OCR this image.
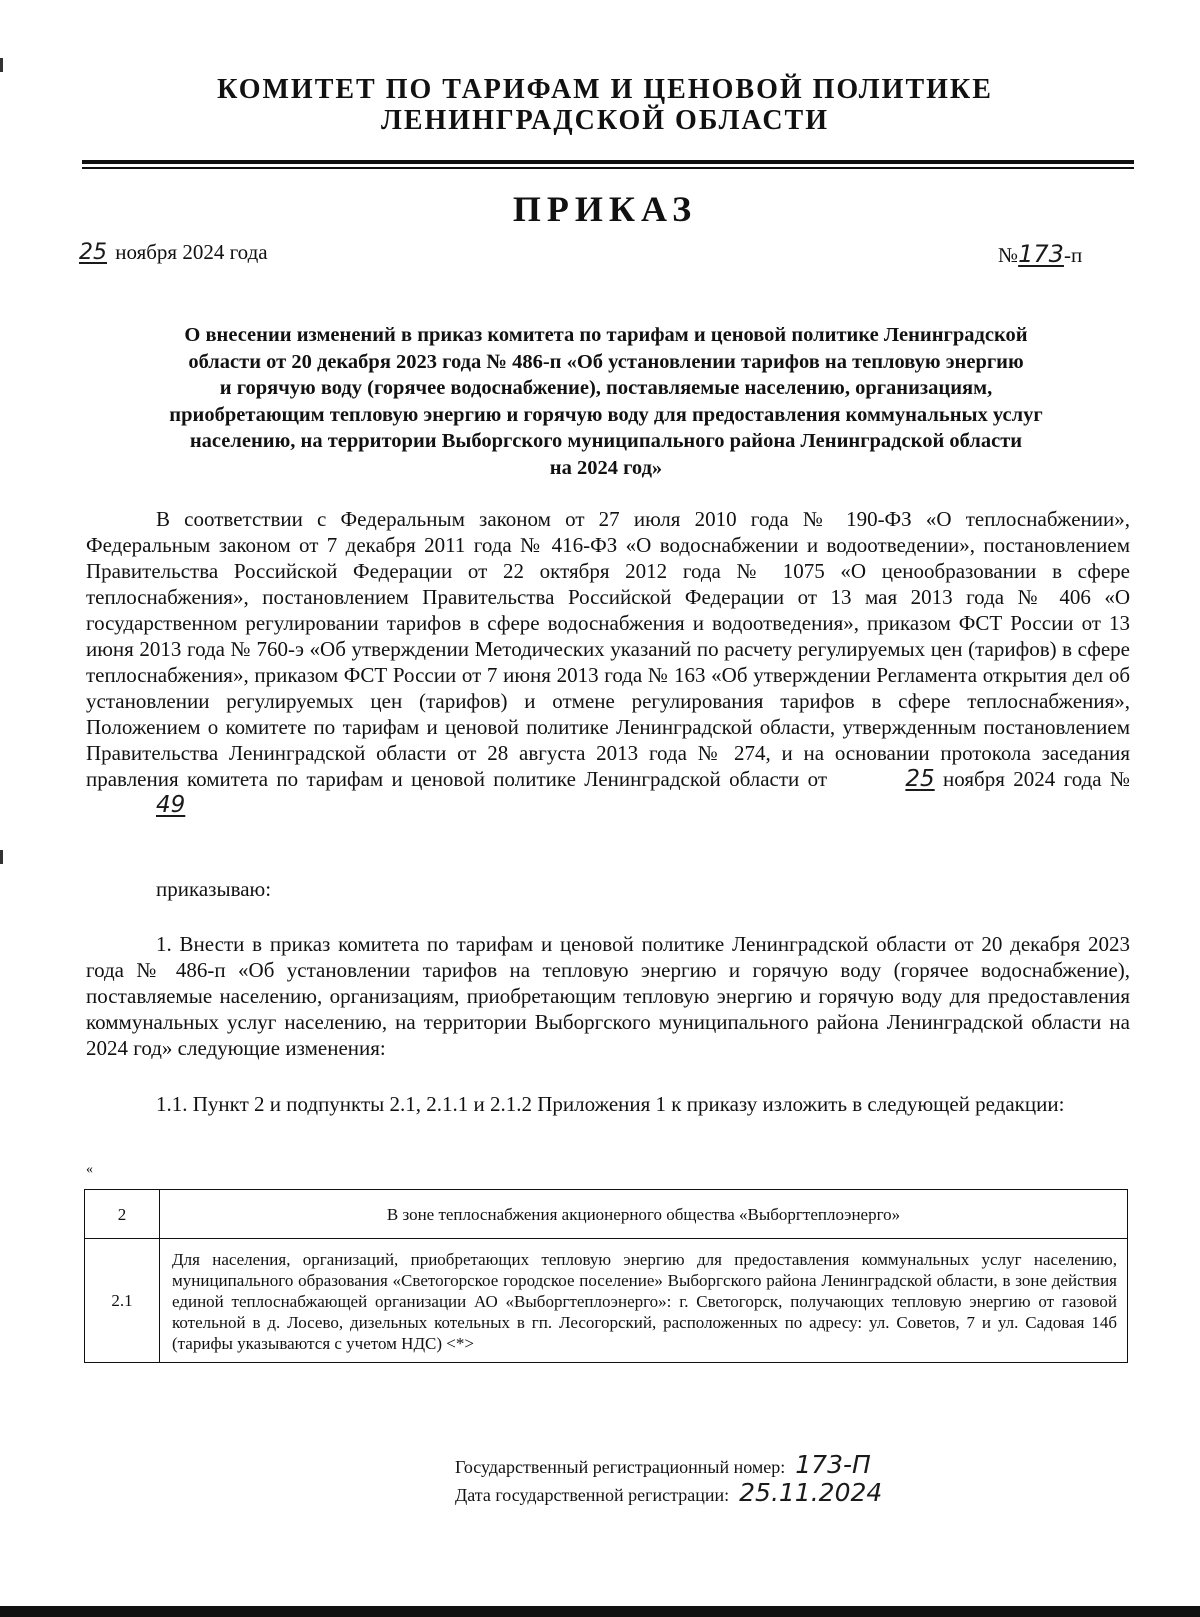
КОМИТЕТ ПО ТАРИФАМ И ЦЕНОВОЙ ПОЛИТИКЕ
ЛЕНИНГРАДСКОЙ ОБЛАСТИ
ПРИКАЗ
25 ноября 2024 года	№173-п
О внесении изменений в приказ комитета по тарифам и ценовой политике Ленинградской
области от 20 декабря 2023 года № 486-п «Об установлении тарифов на тепловую энергию
и горячую воду (горячее водоснабжение), поставляемые населению, организациям,
приобретающим тепловую энергию и горячую воду для предоставления коммунальных услуг
населению, на территории Выборгского муниципального района Ленинградской области
на 2024 год»
В соответствии с Федеральным законом от 27 июля 2010 года № 190-ФЗ «О теплоснабжении», Федеральным законом от 7 декабря 2011 года № 416-ФЗ «О водоснабжении и водоотведении», постановлением Правительства Российской Федерации от 22 октября 2012 года № 1075 «О ценообразовании в сфере теплоснабжения», постановлением Правительства Российской Федерации от 13 мая 2013 года № 406 «О государственном регулировании тарифов в сфере водоснабжения и водоотведения», приказом ФСТ России от 13 июня 2013 года № 760-э «Об утверждении Методических указаний по расчету регулируемых цен (тарифов) в сфере теплоснабжения», приказом ФСТ России от 7 июня 2013 года № 163 «Об утверждении Регламента открытия дел об установлении регулируемых цен (тарифов) и отмене регулирования тарифов в сфере теплоснабжения», Положением о комитете по тарифам и ценовой политике Ленинградской области, утвержденным постановлением Правительства Ленинградской области от 28 августа 2013 года № 274, и на основании протокола заседания правления комитета по тарифам и ценовой политике Ленинградской области от	25 ноября 2024 года № 49
приказываю:
1. Внести в приказ комитета по тарифам и ценовой политике Ленинградской области от 20 декабря 2023 года № 486-п «Об установлении тарифов на тепловую энергию и горячую воду (горячее водоснабжение), поставляемые населению, организациям, приобретающим тепловую энергию и горячую воду для предоставления коммунальных услуг населению, на территории Выборгского муниципального района Ленинградской области на 2024 год» следующие изменения:
1.1. Пункт 2 и подпункты 2.1, 2.1.1 и 2.1.2 Приложения 1 к приказу изложить в следующей редакции:
«
2	В зоне теплоснабжения акционерного общества «Выборгтеплоэнерго»
2.1	Для населения, организаций, приобретающих тепловую энергию для предоставления коммунальных услуг населению, муниципального образования «Светогорское городское поселение» Выборгского района Ленинградской области, в зоне действия единой теплоснабжающей организации АО «Выборгтеплоэнерго»: г. Светогорск, получающих тепловую энергию от газовой котельной в д. Лосево, дизельных котельных в гп. Лесогорский, расположенных по адресу: ул. Советов, 7 и ул. Садовая 14б (тарифы указываются с учетом НДС) <*>
Государственный регистрационный номер: 173-П
Дата государственной регистрации: 25.11.2024
